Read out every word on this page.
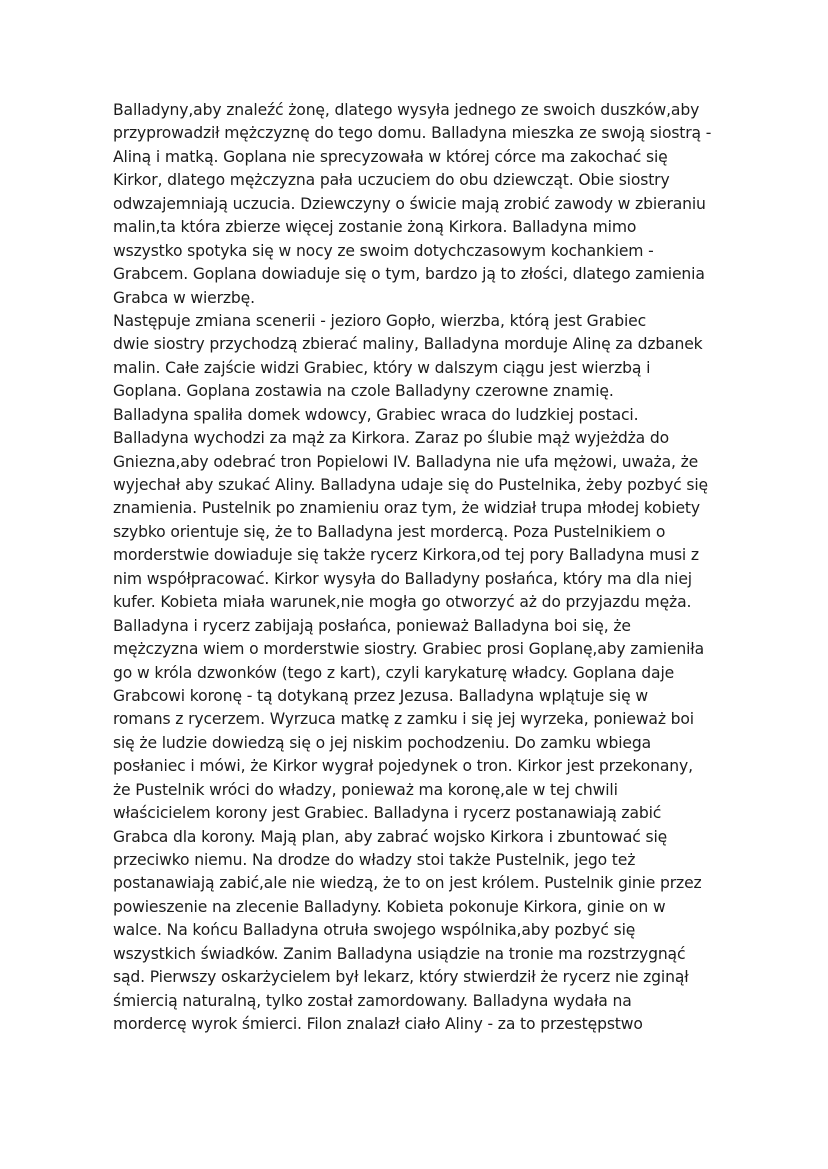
Balladyny,aby znaleźć żonę, dlatego wysyła jednego ze swoich duszków,aby
przyprowadził mężczyznę do tego domu. Balladyna mieszka ze swoją siostrą -
Aliną i matką. Goplana nie sprecyzowała w której córce ma zakochać się
Kirkor, dlatego mężczyzna pała uczuciem do obu dziewcząt. Obie siostry
odwzajemniają uczucia. Dziewczyny o świcie mają zrobić zawody w zbieraniu
malin,ta która zbierze więcej zostanie żoną Kirkora. Balladyna mimo
wszystko spotyka się w nocy ze swoim dotychczasowym kochankiem -
Grabcem. Goplana dowiaduje się o tym, bardzo ją to złości, dlatego zamienia
Grabca w wierzbę.
Następuje zmiana scenerii - jezioro Gopło, wierzba, którą jest Grabiec
dwie siostry przychodzą zbierać maliny, Balladyna morduje Alinę za dzbanek
malin. Całe zajście widzi Grabiec, który w dalszym ciągu jest wierzbą i
Goplana. Goplana zostawia na czole Balladyny czerowne znamię.
Balladyna spaliła domek wdowcy, Grabiec wraca do ludzkiej postaci.
Balladyna wychodzi za mąż za Kirkora. Zaraz po ślubie mąż wyjeżdża do
Gniezna,aby odebrać tron Popielowi IV. Balladyna nie ufa mężowi, uważa, że
wyjechał aby szukać Aliny. Balladyna udaje się do Pustelnika, żeby pozbyć się
znamienia. Pustelnik po znamieniu oraz tym, że widział trupa młodej kobiety
szybko orientuje się, że to Balladyna jest mordercą. Poza Pustelnikiem o
morderstwie dowiaduje się także rycerz Kirkora,od tej pory Balladyna musi z
nim współpracować. Kirkor wysyła do Balladyny posłańca, który ma dla niej
kufer. Kobieta miała warunek,nie mogła go otworzyć aż do przyjazdu męża.
Balladyna i rycerz zabijają posłańca, ponieważ Balladyna boi się, że
mężczyzna wiem o morderstwie siostry. Grabiec prosi Goplanę,aby zamieniła
go w króla dzwonków (tego z kart), czyli karykaturę władcy. Goplana daje
Grabcowi koronę - tą dotykaną przez Jezusa. Balladyna wplątuje się w
romans z rycerzem. Wyrzuca matkę z zamku i się jej wyrzeka, ponieważ boi
się że ludzie dowiedzą się o jej niskim pochodzeniu. Do zamku wbiega
posłaniec i mówi, że Kirkor wygrał pojedynek o tron. Kirkor jest przekonany,
że Pustelnik wróci do władzy, ponieważ ma koronę,ale w tej chwili
właścicielem korony jest Grabiec. Balladyna i rycerz postanawiają zabić
Grabca dla korony. Mają plan, aby zabrać wojsko Kirkora i zbuntować się
przeciwko niemu. Na drodze do władzy stoi także Pustelnik, jego też
postanawiają zabić,ale nie wiedzą, że to on jest królem. Pustelnik ginie przez
powieszenie na zlecenie Balladyny. Kobieta pokonuje Kirkora, ginie on w
walce. Na końcu Balladyna otruła swojego wspólnika,aby pozbyć się
wszystkich świadków. Zanim Balladyna usiądzie na tronie ma rozstrzygnąć
sąd. Pierwszy oskarżycielem był lekarz, który stwierdził że rycerz nie zginął
śmiercią naturalną, tylko został zamordowany. Balladyna wydała na
mordercę wyrok śmierci. Filon znalazł ciało Aliny - za to przestępstwo
